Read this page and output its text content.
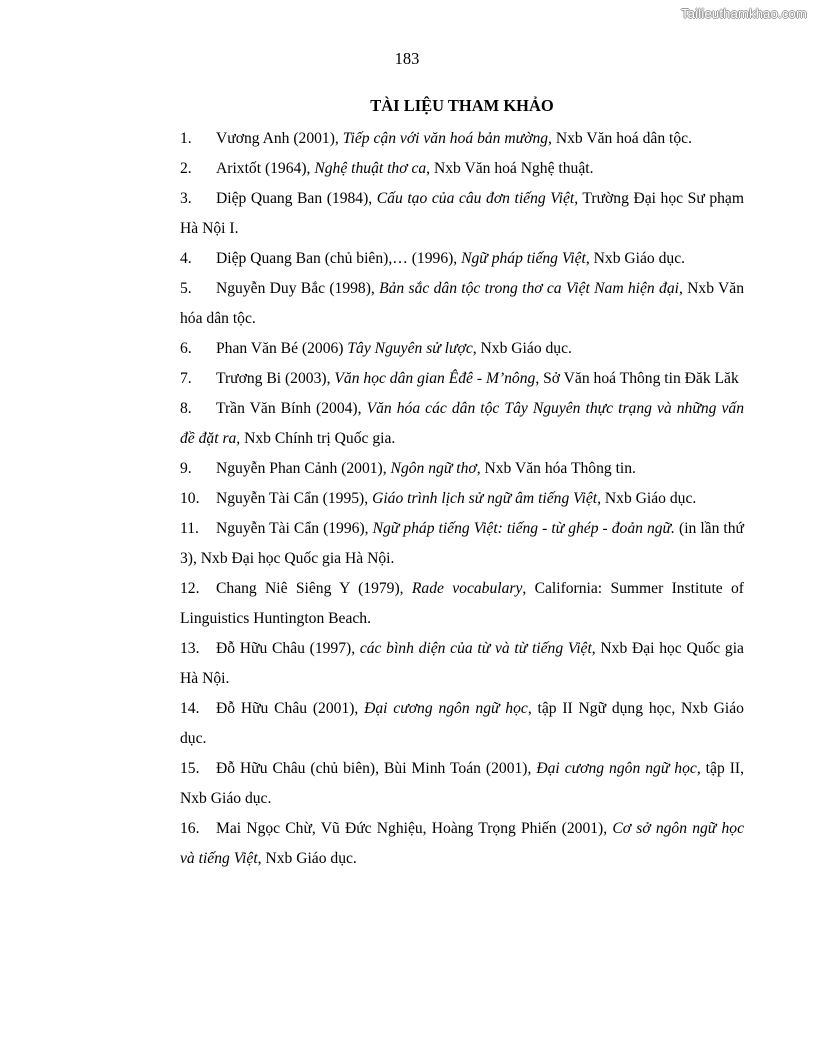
Tailieuthamkhao.com
183
TÀI LIỆU THAM KHẢO
1. Vương Anh (2001), Tiếp cận với văn hoá bản mường, Nxb Văn hoá dân tộc.
2. Arixtốt (1964), Nghệ thuật thơ ca, Nxb Văn hoá Nghệ thuật.
3. Diệp Quang Ban (1984), Cấu tạo của câu đơn tiếng Việt, Trường Đại học Sư phạm Hà Nội I.
4. Diệp Quang Ban (chủ biên),… (1996), Ngữ pháp tiếng Việt, Nxb Giáo dục.
5. Nguyễn Duy Bắc (1998), Bản sắc dân tộc trong thơ ca Việt Nam hiện đại, Nxb Văn hóa dân tộc.
6. Phan Văn Bé (2006) Tây Nguyên sử lược, Nxb Giáo dục.
7. Trương Bi (2003), Văn học dân gian Êđê - M’nông, Sở Văn hoá Thông tin Đăk Lăk
8. Trần Văn Bính (2004), Văn hóa các dân tộc Tây Nguyên thực trạng và những vấn đề đặt ra, Nxb Chính trị Quốc gia.
9. Nguyễn Phan Cảnh (2001), Ngôn ngữ thơ, Nxb Văn hóa Thông tin.
10. Nguyễn Tài Cẩn (1995), Giáo trình lịch sử ngữ âm tiếng Việt, Nxb Giáo dục.
11. Nguyễn Tài Cẩn (1996), Ngữ pháp tiếng Việt: tiếng - từ ghép - đoản ngữ. (in lần thứ 3), Nxb Đại học Quốc gia Hà Nội.
12. Chang Niê Siêng Y (1979), Rade vocabulary, California: Summer Institute of Linguistics Huntington Beach.
13. Đỗ Hữu Châu (1997), các bình diện của từ và từ tiếng Việt, Nxb Đại học Quốc gia Hà Nội.
14. Đỗ Hữu Châu (2001), Đại cương ngôn ngữ học, tập II Ngữ dụng học, Nxb Giáo dục.
15. Đỗ Hữu Châu (chủ biên), Bùi Minh Toán (2001), Đại cương ngôn ngữ học, tập II, Nxb Giáo dục.
16. Mai Ngọc Chừ, Vũ Đức Nghiệu, Hoàng Trọng Phiến (2001), Cơ sở ngôn ngữ học và tiếng Việt, Nxb Giáo dục.
